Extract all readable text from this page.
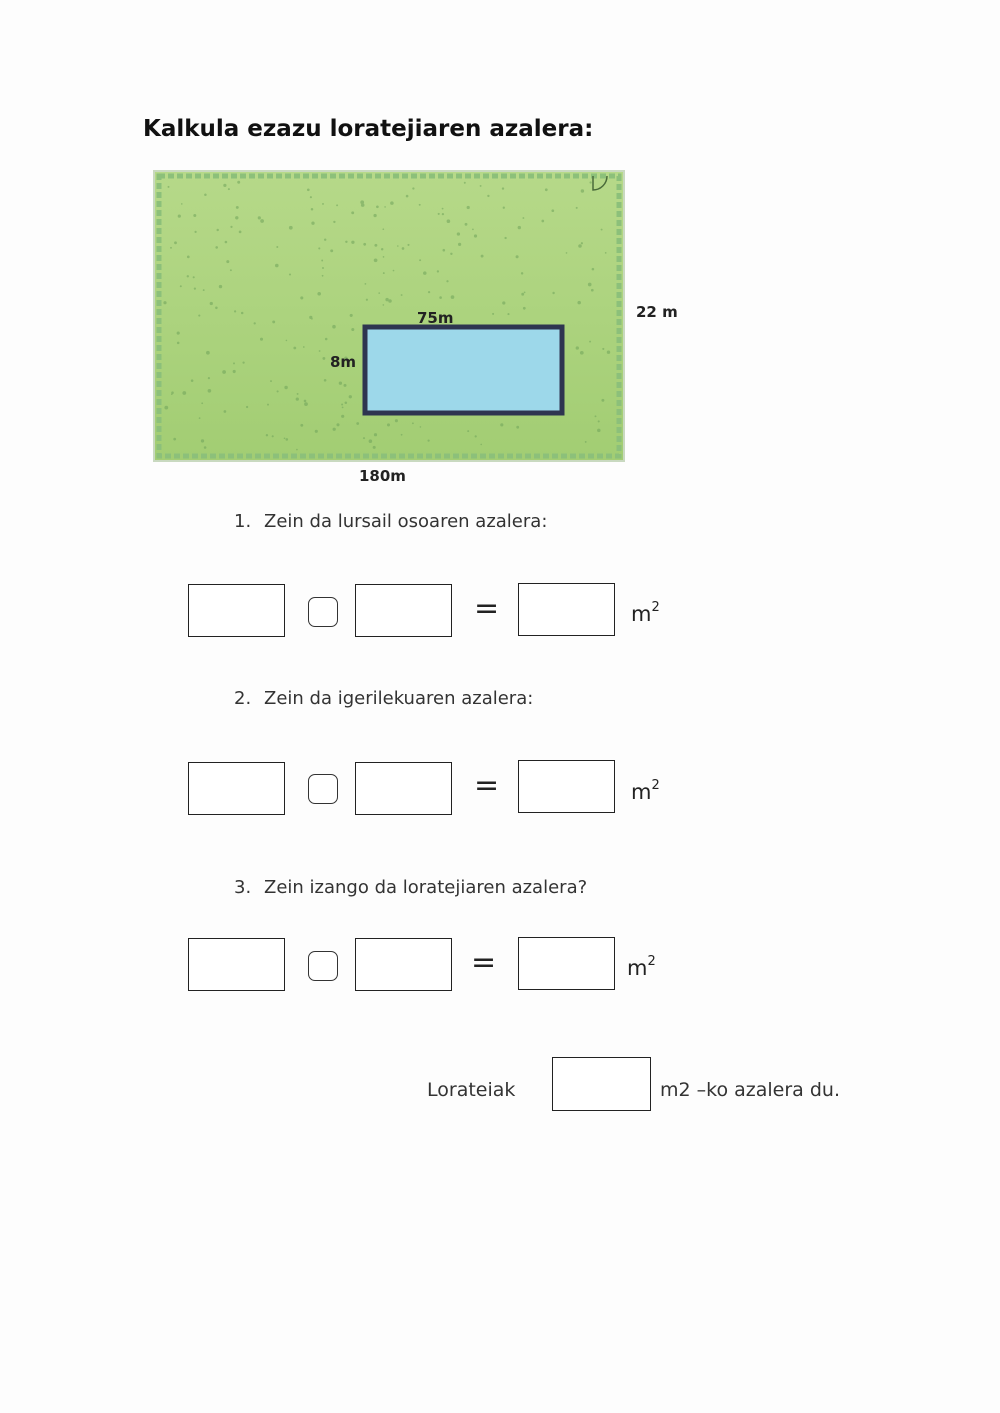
Kalkula ezazu loratejiaren azalera:
75m
8m
22 m
180m
1. Zein da lursail osoaren azalera:
=	$m^2$
2. Zein da igerilekuaren azalera:
=	$m^2$
3. Zein izango da loratejiaren azalera?
=	$m^2$
Lorateiak	m2 –ko azalera du.
